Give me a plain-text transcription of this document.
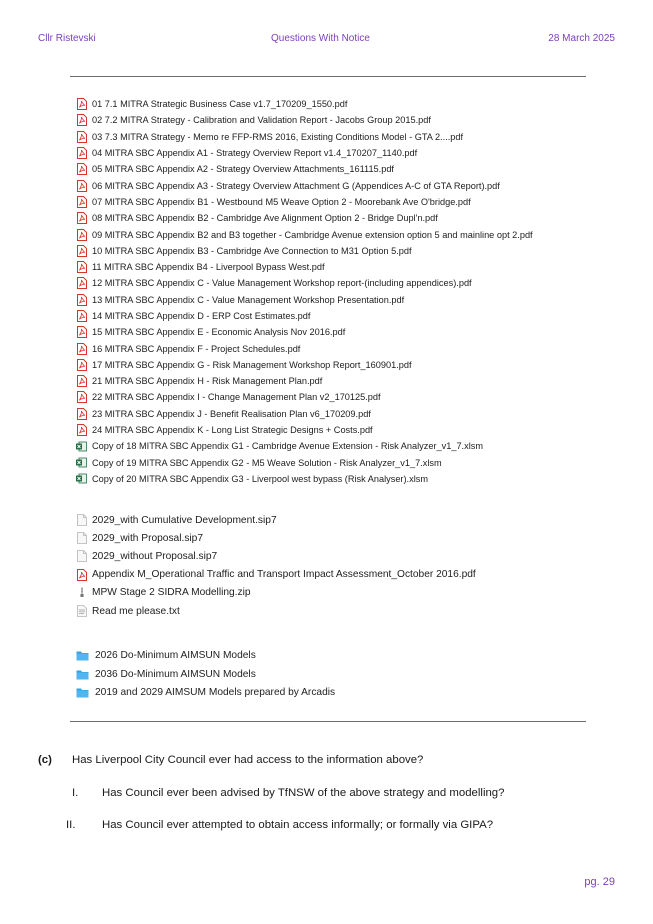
Cllr Ristevski	Questions With Notice	28 March 2025
01 7.1 MITRA Strategic Business Case v1.7_170209_1550.pdf
02 7.2 MITRA Strategy - Calibration and Validation Report - Jacobs Group 2015.pdf
03 7.3 MITRA Strategy - Memo re FFP-RMS 2016, Existing Conditions Model - GTA 2....pdf
04 MITRA SBC Appendix A1 - Strategy Overview Report v1.4_170207_1140.pdf
05 MITRA SBC Appendix A2 - Strategy Overview Attachments_161115.pdf
06 MITRA SBC Appendix A3 - Strategy Overview Attachment G (Appendices A-C of GTA Report).pdf
07 MITRA SBC Appendix B1 - Westbound M5 Weave Option 2 - Moorebank Ave O'bridge.pdf
08 MITRA SBC Appendix B2 - Cambridge Ave Alignment Option 2 - Bridge Dupl'n.pdf
09 MITRA SBC Appendix B2 and B3 together - Cambridge Avenue extension option 5 and mainline opt 2.pdf
10 MITRA SBC Appendix B3 - Cambridge Ave Connection to M31 Option 5.pdf
11 MITRA SBC Appendix B4 - Liverpool Bypass West.pdf
12 MITRA SBC Appendix C - Value Management Workshop report-(including appendices).pdf
13 MITRA SBC Appendix C - Value Management Workshop Presentation.pdf
14 MITRA SBC Appendix D - ERP Cost Estimates.pdf
15 MITRA SBC Appendix E - Economic Analysis Nov 2016.pdf
16 MITRA SBC Appendix F - Project Schedules.pdf
17 MITRA SBC Appendix G - Risk Management Workshop Report_160901.pdf
21 MITRA SBC Appendix H - Risk Management Plan.pdf
22 MITRA SBC Appendix I - Change Management Plan v2_170125.pdf
23 MITRA SBC Appendix J - Benefit Realisation Plan v6_170209.pdf
24 MITRA SBC Appendix K - Long List Strategic Designs + Costs.pdf
Copy of 18 MITRA SBC Appendix G1 - Cambridge Avenue Extension - Risk Analyzer_v1_7.xlsm
Copy of 19 MITRA SBC Appendix G2 - M5 Weave Solution - Risk Analyzer_v1_7.xlsm
Copy of 20 MITRA SBC Appendix G3 - Liverpool west bypass (Risk Analyser).xlsm
2029_with Cumulative Development.sip7
2029_with Proposal.sip7
2029_without Proposal.sip7
Appendix M_Operational Traffic and Transport Impact Assessment_October 2016.pdf
MPW Stage 2 SIDRA Modelling.zip
Read me please.txt
2026 Do-Minimum AIMSUN Models
2036 Do-Minimum AIMSUN Models
2019 and 2029 AIMSUM Models prepared by Arcadis
(c) Has Liverpool City Council ever had access to the information above?
I. Has Council ever been advised by TfNSW of the above strategy and modelling?
II. Has Council ever attempted to obtain access informally; or formally via GIPA?
pg. 29
